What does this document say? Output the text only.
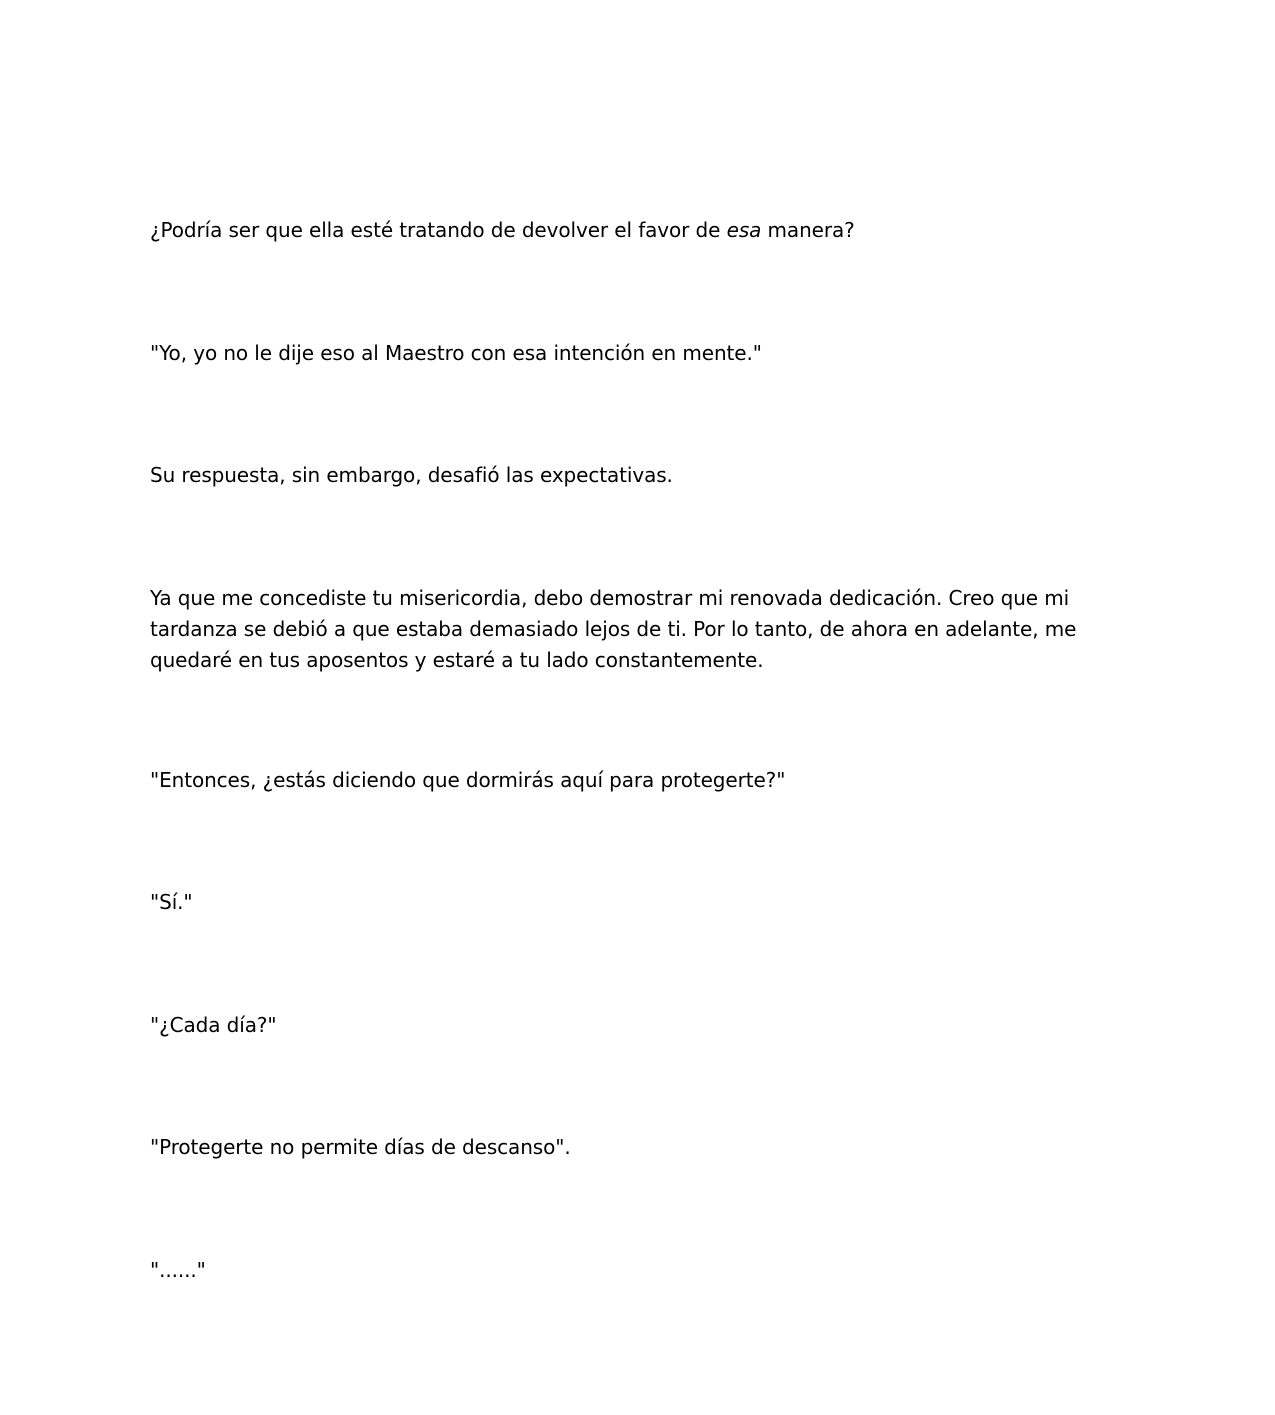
¿Podría ser que ella esté tratando de devolver el favor de esa manera?

"Yo, yo no le dije eso al Maestro con esa intención en mente."

Su respuesta, sin embargo, desafió las expectativas.

Ya que me concediste tu misericordia, debo demostrar mi renovada dedicación. Creo que mi tardanza se debió a que estaba demasiado lejos de ti. Por lo tanto, de ahora en adelante, me quedaré en tus aposentos y estaré a tu lado constantemente.

"Entonces, ¿estás diciendo que dormirás aquí para protegerte?"

"Sí."

"¿Cada día?"

"Protegerte no permite días de descanso".

"......"
